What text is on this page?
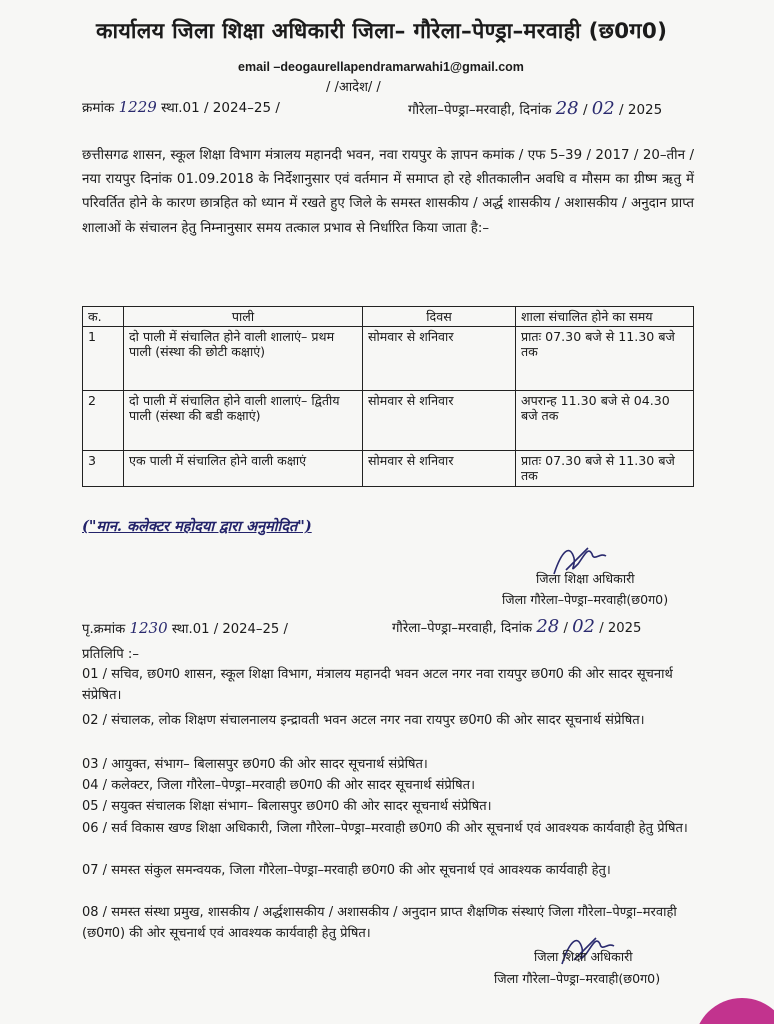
कार्यालय जिला शिक्षा अधिकारी जिला– गौरेला–पेण्ड्रा–मरवाही (छ0ग0)
email –deogaurellapendramarwahi1@gmail.com
/ /आदेश/ /
क्रमांक 1229 स्था.01 / 2024–25 /	गौरेला–पेण्ड्रा–मरवाही, दिनांक 28 / 02 / 2025
छत्तीसगढ शासन, स्कूल शिक्षा विभाग मंत्रालय महानदी भवन, नवा रायपुर के ज्ञापन कमांक / एफ 5–39 / 2017 / 20–तीन / नया रायपुर दिनांक 01.09.2018 के निर्देशानुसार एवं वर्तमान में समाप्त हो रहे शीतकालीन अवधि व मौसम का ग्रीष्म ऋतु में परिवर्तित होने के कारण छात्रहित को ध्यान में रखते हुए जिले के समस्त शासकीय / अर्द्ध शासकीय / अशासकीय / अनुदान प्राप्त शालाओं के संचालन हेतु निम्नानुसार समय तत्काल प्रभाव से निर्धारित किया जाता है:–
क.	पाली	दिवस	शाला संचालित होने का समय
1	दो पाली में संचालित होने वाली शालाएं– प्रथम पाली (संस्था की छोटी कक्षाएं)	सोमवार से शनिवार	प्रातः 07.30 बजे से 11.30 बजे तक
2	दो पाली में संचालित होने वाली शालाएं– द्वितीय पाली (संस्था की बडी कक्षाएं)	सोमवार से शनिवार	अपरान्ह 11.30 बजे से 04.30 बजे तक
3	एक पाली में संचालित होने वाली कक्षाएं	सोमवार से शनिवार	प्रातः 07.30 बजे से 11.30 बजे तक
("मान. कलेक्टर महोदया द्वारा अनुमोदित")
जिला शिक्षा अधिकारी
जिला गौरेला–पेण्ड्रा–मरवाही(छ0ग0)
पृ.क्रमांक 1230 स्था.01 / 2024–25 /	गौरेला–पेण्ड्रा–मरवाही, दिनांक 28 / 02 / 2025
प्रतिलिपि :–
01 / सचिव, छ0ग0 शासन, स्कूल शिक्षा विभाग, मंत्रालय महानदी भवन अटल नगर नवा रायपुर छ0ग0 की ओर सादर सूचनार्थ संप्रेषित।
02 / संचालक, लोक शिक्षण संचालनालय इन्द्रावती भवन अटल नगर नवा रायपुर छ0ग0 की ओर सादर सूचनार्थ संप्रेषित।
03 / आयुक्त, संभाग– बिलासपुर छ0ग0 की ओर सादर सूचनार्थ संप्रेषित।
04 / कलेक्टर, जिला गौरेला–पेण्ड्रा–मरवाही छ0ग0 की ओर सादर सूचनार्थ संप्रेषित।
05 / सयुक्त संचालक शिक्षा संभाग– बिलासपुर छ0ग0 की ओर सादर सूचनार्थ संप्रेषित।
06 / सर्व विकास खण्ड शिक्षा अधिकारी, जिला गौरेला–पेण्ड्रा–मरवाही छ0ग0 की ओर सूचनार्थ एवं आवश्यक कार्यवाही हेतु प्रेषित।
07 / समस्त संकुल समन्वयक, जिला गौरेला–पेण्ड्रा–मरवाही छ0ग0 की ओर सूचनार्थ एवं आवश्यक कार्यवाही हेतु।
08 / समस्त संस्था प्रमुख, शासकीय / अर्द्धशासकीय / अशासकीय / अनुदान प्राप्त शैक्षणिक संस्थाएं जिला गौरेला–पेण्ड्रा–मरवाही (छ0ग0) की ओर सूचनार्थ एवं आवश्यक कार्यवाही हेतु प्रेषित।
जिला शिक्षा अधिकारी
जिला गौरेला–पेण्ड्रा–मरवाही(छ0ग0)
